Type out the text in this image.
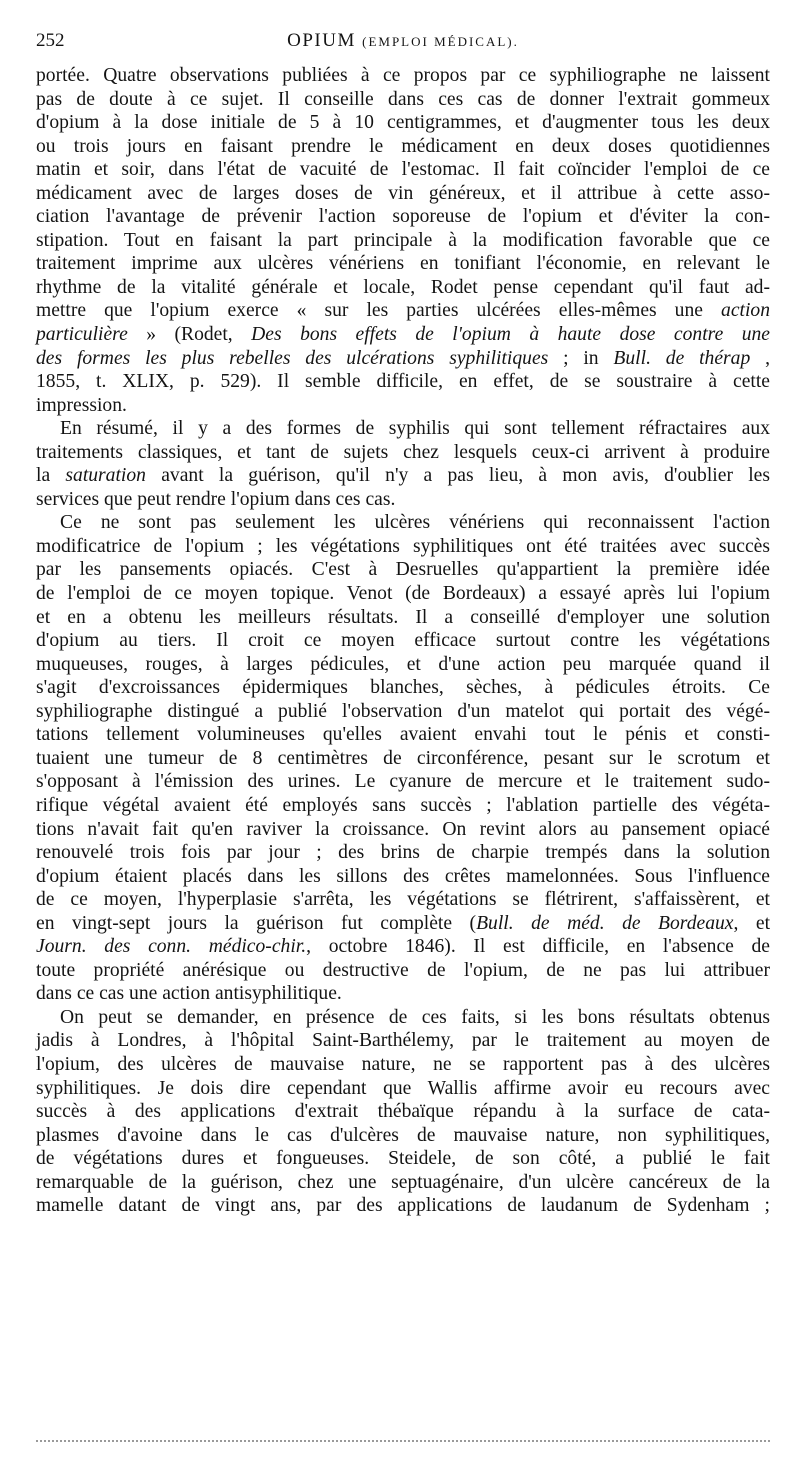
252	OPIUM (EMPLOI MÉDICAL).
portée. Quatre observations publiées à ce propos par ce syphiliographe ne laissent
pas de doute à ce sujet. Il conseille dans ces cas de donner l'extrait gommeux
d'opium à la dose initiale de 5 à 10 centigrammes, et d'augmenter tous les deux
ou trois jours en faisant prendre le médicament en deux doses quotidiennes
matin et soir, dans l'état de vacuité de l'estomac. Il fait coïncider l'emploi de ce
médicament avec de larges doses de vin généreux, et il attribue à cette asso-
ciation l'avantage de prévenir l'action soporeuse de l'opium et d'éviter la con-
stipation. Tout en faisant la part principale à la modification favorable que ce
traitement imprime aux ulcères vénériens en tonifiant l'économie, en relevant le
rhythme de la vitalité générale et locale, Rodet pense cependant qu'il faut ad-
mettre que l'opium exerce « sur les parties ulcérées elles-mêmes une action
particulière » (Rodet, Des bons effets de l'opium à haute dose contre une
des formes les plus rebelles des ulcérations syphilitiques ; in Bull. de thérap ,
1855, t. XLIX, p. 529). Il semble difficile, en effet, de se soustraire à cette
impression.
En résumé, il y a des formes de syphilis qui sont tellement réfractaires aux
traitements classiques, et tant de sujets chez lesquels ceux-ci arrivent à produire
la saturation avant la guérison, qu'il n'y a pas lieu, à mon avis, d'oublier les
services que peut rendre l'opium dans ces cas.
Ce ne sont pas seulement les ulcères vénériens qui reconnaissent l'action
modificatrice de l'opium ; les végétations syphilitiques ont été traitées avec succès
par les pansements opiacés. C'est à Desruelles qu'appartient la première idée
de l'emploi de ce moyen topique. Venot (de Bordeaux) a essayé après lui l'opium
et en a obtenu les meilleurs résultats. Il a conseillé d'employer une solution
d'opium au tiers. Il croit ce moyen efficace surtout contre les végétations
muqueuses, rouges, à larges pédicules, et d'une action peu marquée quand il
s'agit d'excroissances épidermiques blanches, sèches, à pédicules étroits. Ce
syphiliographe distingué a publié l'observation d'un matelot qui portait des végé-
tations tellement volumineuses qu'elles avaient envahi tout le pénis et consti-
tuaient une tumeur de 8 centimètres de circonférence, pesant sur le scrotum et
s'opposant à l'émission des urines. Le cyanure de mercure et le traitement sudo-
rifique végétal avaient été employés sans succès ; l'ablation partielle des végéta-
tions n'avait fait qu'en raviver la croissance. On revint alors au pansement opiacé
renouvelé trois fois par jour ; des brins de charpie trempés dans la solution
d'opium étaient placés dans les sillons des crêtes mamelonnées. Sous l'influence
de ce moyen, l'hyperplasie s'arrêta, les végétations se flétrirent, s'affaissèrent, et
en vingt-sept jours la guérison fut complète (Bull. de méd. de Bordeaux, et
Journ. des conn. médico-chir., octobre 1846). Il est difficile, en l'absence de
toute propriété anérésique ou destructive de l'opium, de ne pas lui attribuer
dans ce cas une action antisyphilitique.
On peut se demander, en présence de ces faits, si les bons résultats obtenus
jadis à Londres, à l'hôpital Saint-Barthélemy, par le traitement au moyen de
l'opium, des ulcères de mauvaise nature, ne se rapportent pas à des ulcères
syphilitiques. Je dois dire cependant que Wallis affirme avoir eu recours avec
succès à des applications d'extrait thébaïque répandu à la surface de cata-
plasmes d'avoine dans le cas d'ulcères de mauvaise nature, non syphilitiques,
de végétations dures et fongueuses. Steidele, de son côté, a publié le fait
remarquable de la guérison, chez une septuagénaire, d'un ulcère cancéreux de la
mamelle datant de vingt ans, par des applications de laudanum de Sydenham ;
